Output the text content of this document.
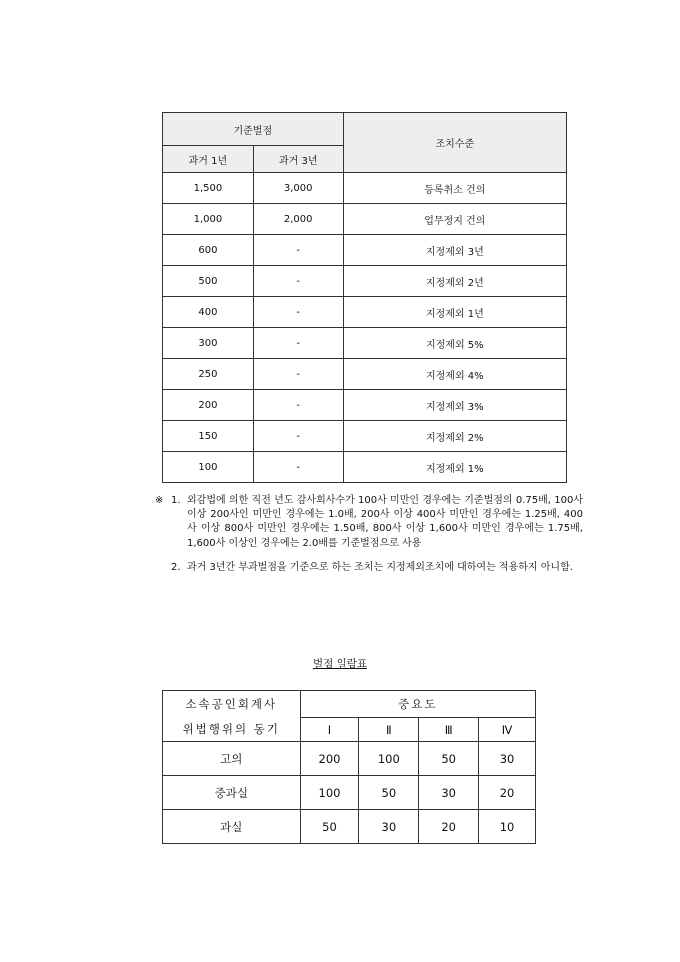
기준벌점		조치수준
과거 1년	과거 3년	
1,500	3,000	등록취소 건의
1,000	2,000	업무정지 건의
600	-	지정제외 3년
500	-	지정제외 2년
400	-	지정제외 1년
300	-	지정제외 5%
250	-	지정제외 4%
200	-	지정제외 3%
150	-	지정제외 2%
100	-	지정제외 1%
※ 1. 외감법에 의한 직전 년도 감사회사수가 100사 미만인 경우에는 기준벌점의 0.75배, 100사 이상 200사인 미만인 경우에는 1.0배, 200사 이상 400사 미만인 경우에는 1.25배, 400사 이상 800사 미만인 경우에는 1.50배, 800사 이상 1,600사 미만인 경우에는 1.75배, 1,600사 이상인 경우에는 2.0배를 기준벌점으로 사용
2. 과거 3년간 부과벌점을 기준으로 하는 조치는 지정제외조치에 대하여는 적용하지 아니함.
벌점 일람표
소속공인회계사	중요도			
위법행위의 동기	Ⅰ	Ⅱ	Ⅲ	Ⅳ
고의	200	100	50	30
중과실	100	50	30	20
과실	50	30	20	10
